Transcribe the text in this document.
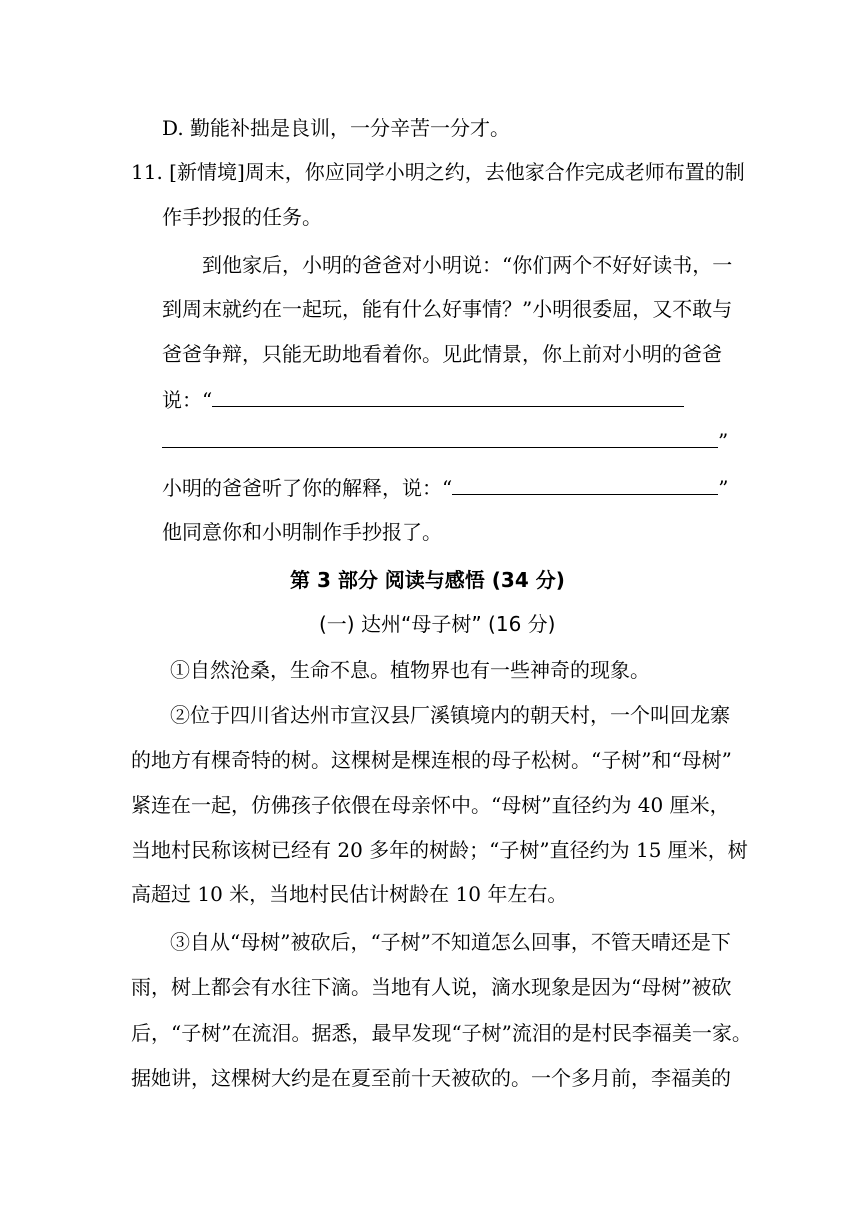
D. 勤能补拙是良训，一分辛苦一分才。
11. [新情境]周末，你应同学小明之约，去他家合作完成老师布置的制
作手抄报的任务。
到他家后，小明的爸爸对小明说：“你们两个不好好读书，一
到周末就约在一起玩，能有什么好事情？”小明很委屈，又不敢与
爸爸争辩，只能无助地看着你。见此情景，你上前对小明的爸爸
说：“
”
小明的爸爸听了你的解释，说：“	”
他同意你和小明制作手抄报了。
第 3 部分 阅读与感悟 (34 分)
(一) 达州“母子树” (16 分)
①自然沧桑，生命不息。植物界也有一些神奇的现象。
②位于四川省达州市宣汉县厂溪镇境内的朝天村，一个叫回龙寨
的地方有棵奇特的树。这棵树是棵连根的母子松树。“子树”和“母树”
紧连在一起，仿佛孩子依偎在母亲怀中。“母树”直径约为 40 厘米，
当地村民称该树已经有 20 多年的树龄；“子树”直径约为 15 厘米，树
高超过 10 米，当地村民估计树龄在 10 年左右。
③自从“母树”被砍后，“子树”不知道怎么回事，不管天晴还是下
雨，树上都会有水往下滴。当地有人说，滴水现象是因为“母树”被砍
后，“子树”在流泪。据悉，最早发现“子树”流泪的是村民李福美一家。
据她讲，这棵树大约是在夏至前十天被砍的。一个多月前，李福美的
